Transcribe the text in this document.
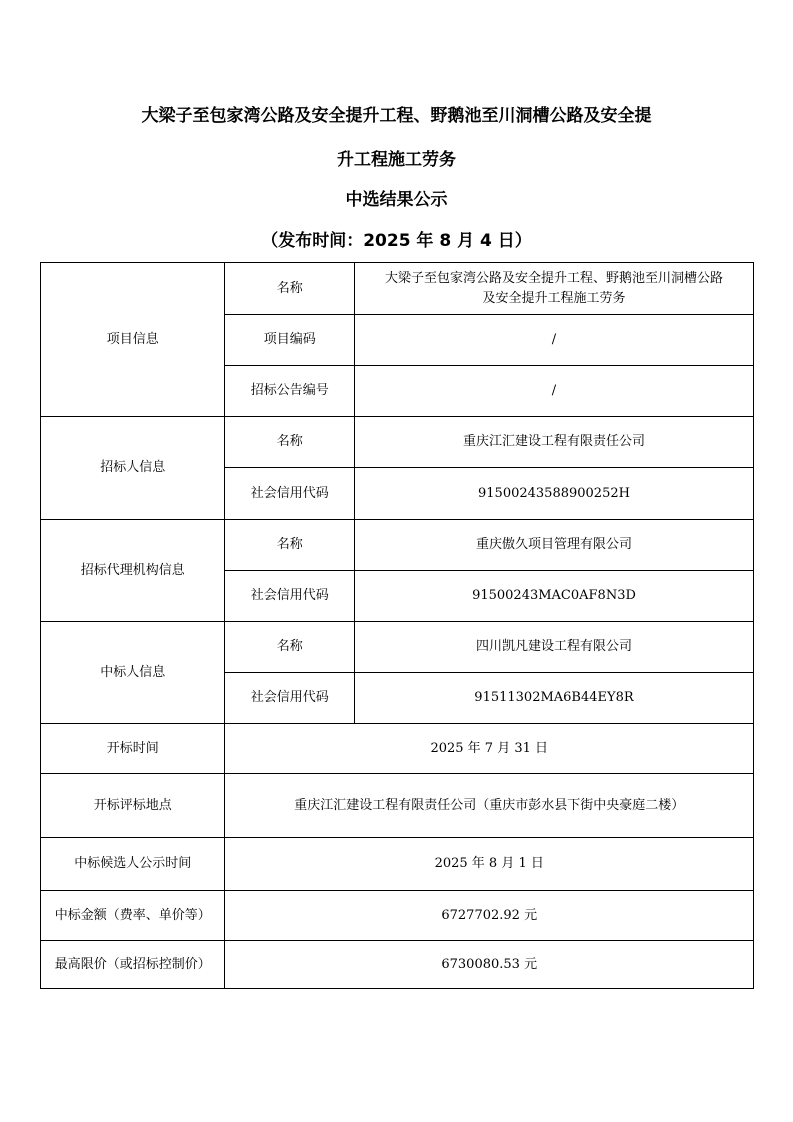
大梁子至包家湾公路及安全提升工程、野鹅池至川洞槽公路及安全提
升工程施工劳务
中选结果公示
（发布时间：2025 年 8 月 4 日）
项目信息	名称	大梁子至包家湾公路及安全提升工程、野鹅池至川洞槽公路
及安全提升工程施工劳务

	项目编码	/
	招标公告编号	/
招标人信息	名称	重庆江汇建设工程有限责任公司
	社会信用代码	91500243588900252H
招标代理机构信息	名称	重庆傲久项目管理有限公司
	社会信用代码	91500243MAC0AF8N3D
中标人信息	名称	四川凯凡建设工程有限公司
	社会信用代码	91511302MA6B44EY8R
开标时间	2025 年 7 月 31 日	
开标评标地点	重庆江汇建设工程有限责任公司（重庆市彭水县下街中央豪庭二楼）	
中标候选人公示时间	2025 年 8 月 1 日	
中标金额（费率、单价等）	6727702.92 元	
最高限价（或招标控制价）	6730080.53 元	
